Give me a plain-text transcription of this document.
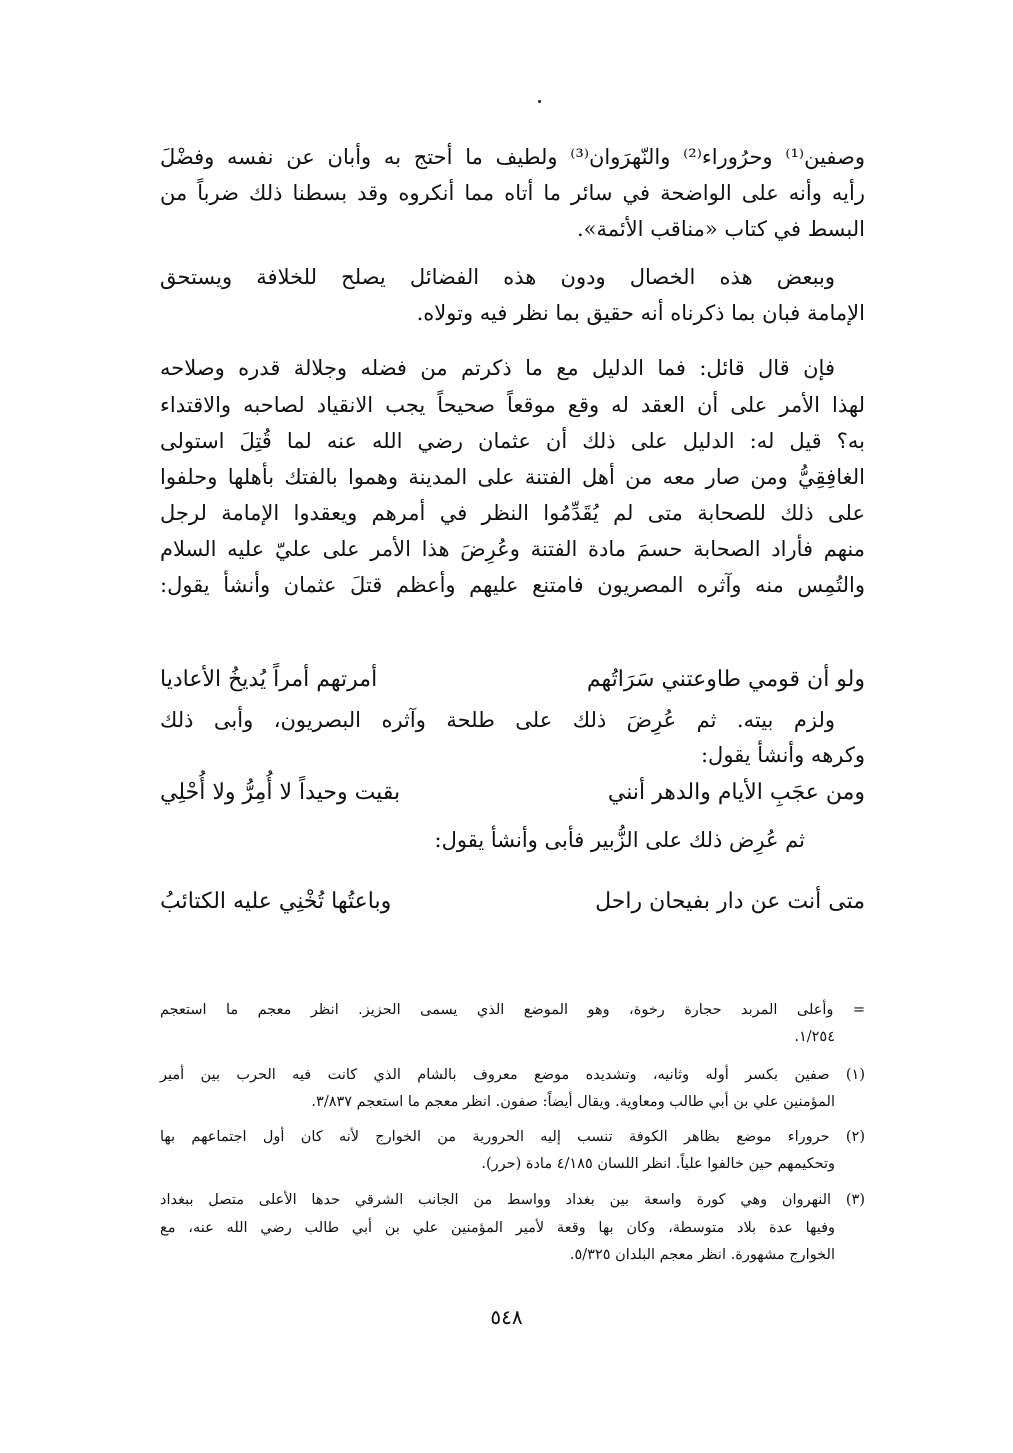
وصفين⁽¹⁾ وحرُوراء⁽²⁾ والنّهرَوان⁽³⁾ ولطيف ما أحتج به وأبان عن نفسه وفضْلَ
رأيه وأنه على الواضحة في سائر ما أتاه مما أنكروه وقد بسطنا ذلك ضرباً من
البسط في كتاب «مناقب الأئمة».
وببعض هذه الخصال ودون هذه الفضائل يصلح للخلافة ويستحق
الإمامة فبان بما ذكرناه أنه حقيق بما نظر فيه وتولاه.
فإن قال قائل: فما الدليل مع ما ذكرتم من فضله وجلالة قدره وصلاحه
لهذا الأمر على أن العقد له وقع موقعاً صحيحاً يجب الانقياد لصاحبه والاقتداء
به؟ قيل له: الدليل على ذلك أن عثمان رضي الله عنه لما قُتِلَ استولى
الغافِقِيُّ ومن صار معه من أهل الفتنة على المدينة وهموا بالفتك بأهلها وحلفوا
على ذلك للصحابة متى لم يُقَدِّمُوا النظر في أمرهم ويعقدوا الإمامة لرجل
منهم فأراد الصحابة حسمَ مادة الفتنة وعُرِضَ هذا الأمر على عليّ عليه السلام
والتُمِس منه وآثره المصريون فامتنع عليهم وأعظم قتلَ عثمان وأنشأ يقول:
ولو أن قومي طاوعتني سَرَاتُهم
أمرتهم أمراً يُديخُ الأعاديا
ولزم بيته. ثم عُرِضَ ذلك على طلحة وآثره البصريون، وأبى ذلك
وكرهه وأنشأ يقول:
ومن عجَبِ الأيام والدهر أنني
بقيت وحيداً لا أُمِرُّ ولا أُحْلِي
ثم عُرِض ذلك على الزُّبير فأبى وأنشأ يقول:
متى أنت عن دار بفيحان راحل
وباعتُها تُخْنِي عليه الكتائبُ
= وأعلى المربد حجارة رخوة، وهو الموضع الذي يسمى الحزيز. انظر معجم ما استعجم
١/٢٥٤.
(١) صفين بكسر أوله وثانيه، وتشديده موضع معروف بالشام الذي كانت فيه الحرب بين أمير
المؤمنين علي بن أبي طالب ومعاوية. ويقال أيضاً: صفون. انظر معجم ما استعجم ٣/٨٣٧.
(٢) حروراء موضع بظاهر الكوفة تنسب إليه الحرورية من الخوارج لأنه كان أول اجتماعهم بها
وتحكيمهم حين خالفوا علياً. انظر اللسان ٤/١٨٥ مادة (حرر).
(٣) النهروان وهي كورة واسعة بين بغداد وواسط من الجانب الشرقي حدها الأعلى متصل ببغداد
وفيها عدة بلاد متوسطة، وكان بها وقعة لأمير المؤمنين علي بن أبي طالب رضي الله عنه، مع
الخوارج مشهورة. انظر معجم البلدان ٥/٣٢٥.
٥٤٨
